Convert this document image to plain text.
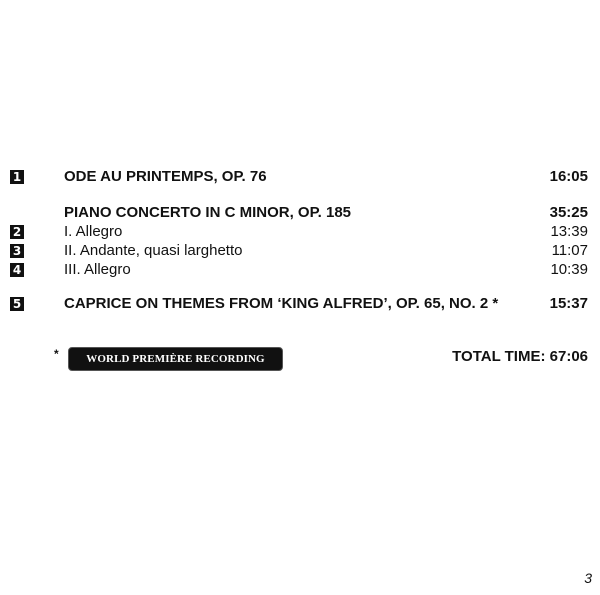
1	ODE AU PRINTEMPS, OP. 76	16:05
PIANO CONCERTO IN C MINOR, OP. 185	35:25
2	I. Allegro	13:39
3	II. Andante, quasi larghetto	11:07
4	III. Allegro	10:39
5	CAPRICE ON THEMES FROM ‘KING ALFRED’, OP. 65, NO. 2 *	15:37
*	WORLD PREMIÈRE RECORDING	TOTAL TIME: 67:06
3
